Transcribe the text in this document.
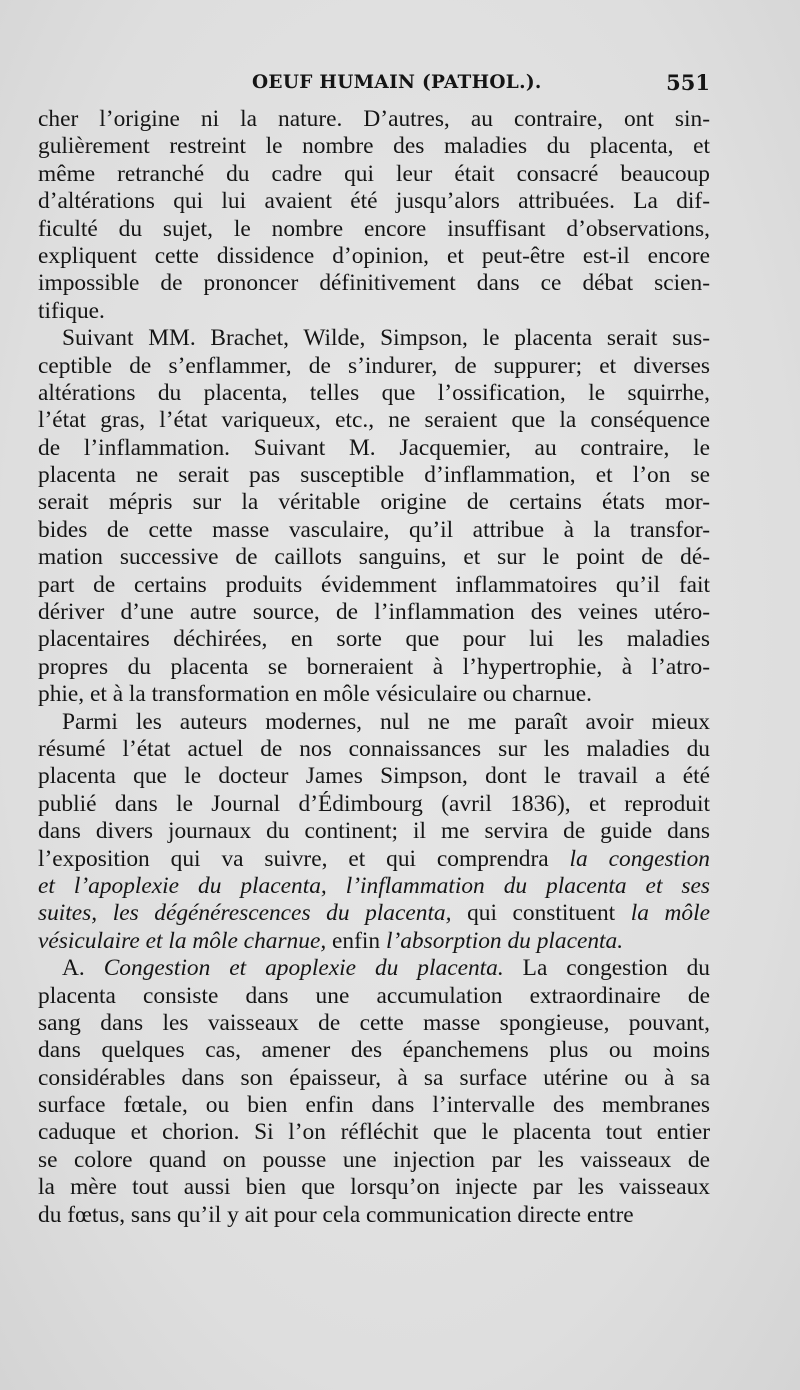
OEUF HUMAIN (PATHOL.).	551
cher l’origine ni la nature. D’autres, au contraire, ont sin-
gulièrement restreint le nombre des maladies du placenta, et
même retranché du cadre qui leur était consacré beaucoup
d’altérations qui lui avaient été jusqu’alors attribuées. La dif-
ficulté du sujet, le nombre encore insuffisant d’observations,
expliquent cette dissidence d’opinion, et peut-être est-il encore
impossible de prononcer définitivement dans ce débat scien-
tifique.
Suivant MM. Brachet, Wilde, Simpson, le placenta serait sus-
ceptible de s’enflammer, de s’indurer, de suppurer; et diverses
altérations du placenta, telles que l’ossification, le squirrhe,
l’état gras, l’état variqueux, etc., ne seraient que la conséquence
de l’inflammation. Suivant M. Jacquemier, au contraire, le
placenta ne serait pas susceptible d’inflammation, et l’on se
serait mépris sur la véritable origine de certains états mor-
bides de cette masse vasculaire, qu’il attribue à la transfor-
mation successive de caillots sanguins, et sur le point de dé-
part de certains produits évidemment inflammatoires qu’il fait
dériver d’une autre source, de l’inflammation des veines utéro-
placentaires déchirées, en sorte que pour lui les maladies
propres du placenta se borneraient à l’hypertrophie, à l’atro-
phie, et à la transformation en môle vésiculaire ou charnue.
Parmi les auteurs modernes, nul ne me paraît avoir mieux
résumé l’état actuel de nos connaissances sur les maladies du
placenta que le docteur James Simpson, dont le travail a été
publié dans le Journal d’Édimbourg (avril 1836), et reproduit
dans divers journaux du continent; il me servira de guide dans
l’exposition qui va suivre, et qui comprendra la congestion
et l’apoplexie du placenta, l’inflammation du placenta et ses
suites, les dégénérescences du placenta, qui constituent la môle
vésiculaire et la môle charnue, enfin l’absorption du placenta.
A. Congestion et apoplexie du placenta. La congestion du
placenta consiste dans une accumulation extraordinaire de
sang dans les vaisseaux de cette masse spongieuse, pouvant,
dans quelques cas, amener des épanchemens plus ou moins
considérables dans son épaisseur, à sa surface utérine ou à sa
surface fœtale, ou bien enfin dans l’intervalle des membranes
caduque et chorion. Si l’on réfléchit que le placenta tout entier
se colore quand on pousse une injection par les vaisseaux de
la mère tout aussi bien que lorsqu’on injecte par les vaisseaux
du fœtus, sans qu’il y ait pour cela communication directe entre
